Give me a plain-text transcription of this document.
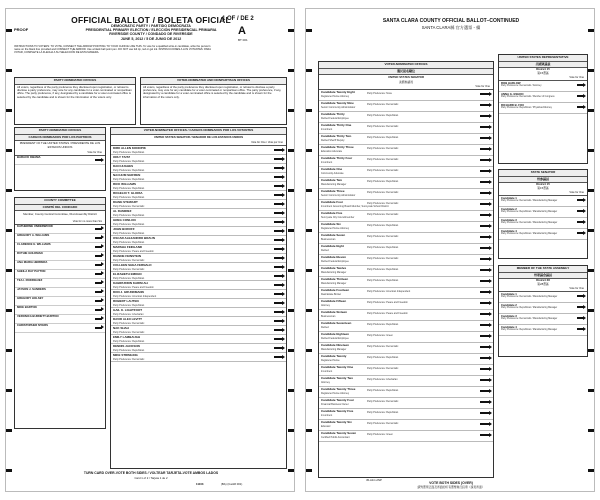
PROOF
OFFICIAL BALLOT / BOLETA OFICIAL
1 OF / DE 2
DEMOCRATIC PARTY / PARTIDO DEMÓCRATA
PRESIDENTIAL PRIMARY ELECTION / ELECCIÓN PRESIDENCIAL PRIMARIA
RIVERSIDE COUNTY / CONDADO DE RIVERSIDE
JUNE 5, 2012 / 5 DE JUNIO DE 2012
A
BT 001
INSTRUCTIONS TO VOTERS: TO VOTE, CONNECT THE ARROW POINTING TO YOUR CHOICE LIKE THIS. To vote for a qualified write-in candidate, write the person's name on the blank line provided and CONNECT THE ARROW. Use a black ball point pen. DO NOT use felt tip, red or gel ink. INSTRUCCIONES A LOS VOTANTES: PARA VOTAR, COMPLETE LA FLECHA A SU SELECCIÓN DE ESTA MANERA.
PARTY-NOMINATED OFFICES
All voters, regardless of the party preference they disclosed upon registration, or refusal to disclose a party preference, may vote for any candidate for a voter-nominated or nonpartisan office. The party preference, if any, designated by a candidate for a voter-nominated office is selected by the candidate and is shown for the information of the voters only.
VOTER-NOMINATED AND NONPARTISAN OFFICES
All voters, regardless of the party preference they disclosed upon registration, or refusal to disclose a party preference, may vote for any candidate for a voter-nominated or nonpartisan office. The party preference, if any, designated by a candidate for a voter-nominated office is selected by the candidate and is shown for the information of the voters only.
PARTY-NOMINATED OFFICES
CARGOS NOMINADOS POR LOS PARTIDOS
PRESIDENT OF THE UNITED STATES / PRESIDENTE DE LOS ESTADOS UNIDOS
Vote for One
BARACK OBAMA
COUNTY COMMITTEE
COMITÉ DEL CONDADO
Member, County Central Committee, 61st Assembly District
Vote for no more than Six
KATHERINE UNDERWOOD
GREGORY A. WILLIAMS
CLARENCE E. WILLIAMS
RUTHIE GOLDMAN
ANA MARIA HERRERA
SHEILA RAY PAYTON
TEA I. RODRIGUEZ
JAYSON J. SANDERS
GREGORY HOLSEY
MIKE BARTON
VERONICA BURNETT-BURTON
CHRISTOPHER MYERS
VOTER-NOMINATED OFFICES / CARGOS NOMINADOS POR LOS VOTANTES
UNITED STATES SENATOR / SENADOR DE LOS ESTADOS UNIDOS
Vote for One / Vote por Uno
DIRK ALLEN KONOPIK
Party Preference: Republican
ORLY TAITZ
Party Preference: Republican
DAN HUGHES
Party Preference: Republican
NACHUM SHIFREN
Party Preference: Republican
RICK WILLIAMS
Party Preference: Republican
ROGELIO T. GLORIA
Party Preference: Republican
DIANE STEWART
Party Preference: Democratic
AL RAMIREZ
Party Preference: Republican
GREG CONLON
Party Preference: Republican
JOHN BORUFF
Party Preference: Republican
OSCAR ALEJANDRO BRAUN
Party Preference: Republican
MARSHA FEINLAND
Party Preference: Peace and Freedom
DIANNE FEINSTEIN
Party Preference: Democratic
COLLEEN SHEA FERNALD
Party Preference: Democratic
ELIZABETH EMKEN
Party Preference: Republican
KABIRUDDIN KARIM ALI
Party Preference: Peace and Freedom
DON J. GRUNDMANN
Party Preference: American Independent
ROBERT LAUTEN
Party Preference: Republican
GAIL K. LIGHTFOOT
Party Preference: Libertarian
DAVID ALEX LEVITT
Party Preference: Democratic
NAK SHAH
Party Preference: Democratic
EMILY LAMBAUGH
Party Preference: Republican
DENNIS JACKSON
Party Preference: Republican
MIKE STRIMLING
Party Preference: Democratic
TURN CARD OVER-VOTE BOTH SIDES / VOLTEAR TARJETA-VOTE AMBOS LADOS
Card 1 of 2 / Tarjeta 1 de 2
11103	(BA) (Card# 001)
SANTA CLARA COUNTY OFFICIAL BALLOT–CONTINUED
SANTA CLARA縣 官方選票 - 續
VOTER-NOMINATED OFFICES
選民提名職位
UNITED STATES SENATOR
美國參議員
Vote for One
Candidate Twenty Eight
Registered Nurse Attorney
Party Preference: None
Candidate Twenty Nine
Senior Community Administrator
Party Preference: Democratic
Candidate Thirty
Retired Federal Employee
Party Preference: Republican
Candidate Thirty One
Incumbent
Party Preference: Democratic
Candidate Thirty Two
Retired Sheriff Deputy
Party Preference: Republican
Candidate Thirty Three
Education Advocate
Party Preference: Democratic
Candidate Thirty Four
Incumbent
Party Preference: Democratic
Candidate One
Community Advocate
Party Preference: Democratic
Candidate Two
Manufacturing Manager
Party Preference: Republican
Candidate Three
Senior Community Administrator
Party Preference: Democratic
Candidate Four
Incumbent Governing Board Member, Sunnyvale School District
Party Preference: Democratic
Candidate Five
Sunnyvale City Councilmember
Party Preference: Democratic
Candidate Six
Registered Nurse Attorney
Party Preference: Republican
Candidate Seven
Businessman
Party Preference: Democratic
Candidate Eight
Retired
Party Preference: Republican
Candidate Eleven
Retired Federal Employee
Party Preference: Democratic
Candidate Twelve
Manufacturing Manager
Party Preference: Republican
Candidate Thirteen
Manufacturing Manager
Party Preference: Republican
Candidate Fourteen
Real Estate Broker
Party Preference: American Independent
Candidate Fifteen
Attorney
Party Preference: Peace and Freedom
Candidate Sixteen
Businessman
Party Preference: Peace and Freedom
Candidate Seventeen
Retired
Party Preference: Republican
Candidate Eighteen
Retired Federal Employee
Party Preference: Green
Candidate Nineteen
Manufacturing Manager
Party Preference: Democratic
Candidate Twenty
Registered Nurse
Party Preference: Republican
Candidate Twenty One
Incumbent
Party Preference: Democratic
Candidate Twenty Two
Attorney
Party Preference: Libertarian
Candidate Twenty Three
Registered Nurse Attorney
Party Preference: Republican
Candidate Twenty Four
Financial Business Owner
Party Preference: Democratic
Candidate Twenty Five
Incumbent
Party Preference: Republican
Candidate Twenty Six
Educator
Party Preference: Democratic
Candidate Twenty Seven
Certified Public Accountant
Party Preference: Green
UNITED STATES REPRESENTATIVE
美國眾議員
District 15
第15選區
Vote for One
ROB HARLOW
Party Preference: Democratic / Attorney
ANNA G. ESHOO
Party Preference: Democratic / Member of Congress
RICHARD B. FOX
Party Preference: Republican / Physician/Attorney
STATE SENATOR
州參議員
District 15
第15選區
Vote for One
Candidate 1
Party Preference: Democratic / Manufacturing Manager
Candidate 2
Party Preference: Republican / Manufacturing Manager
Candidate 3
Party Preference: Democratic / Manufacturing Manager
Candidate 4
Party Preference: Republican / Manufacturing Manager
MEMBER OF THE STATE ASSEMBLY
州眾議會議員
District 28
第28選區
Vote for One
Candidate 1
Party Preference: Democratic / Manufacturing Manager
Candidate 2
Party Preference: Republican / Manufacturing Manager
Candidate 3
Party Preference: Democratic / Manufacturing Manager
Candidate 4
Party Preference: Republican / Manufacturing Manager
45-A1C-2NP
VOTE BOTH SIDES (OVER)
請對選票正面及背面的所有選舉進行投票（請見背面）
